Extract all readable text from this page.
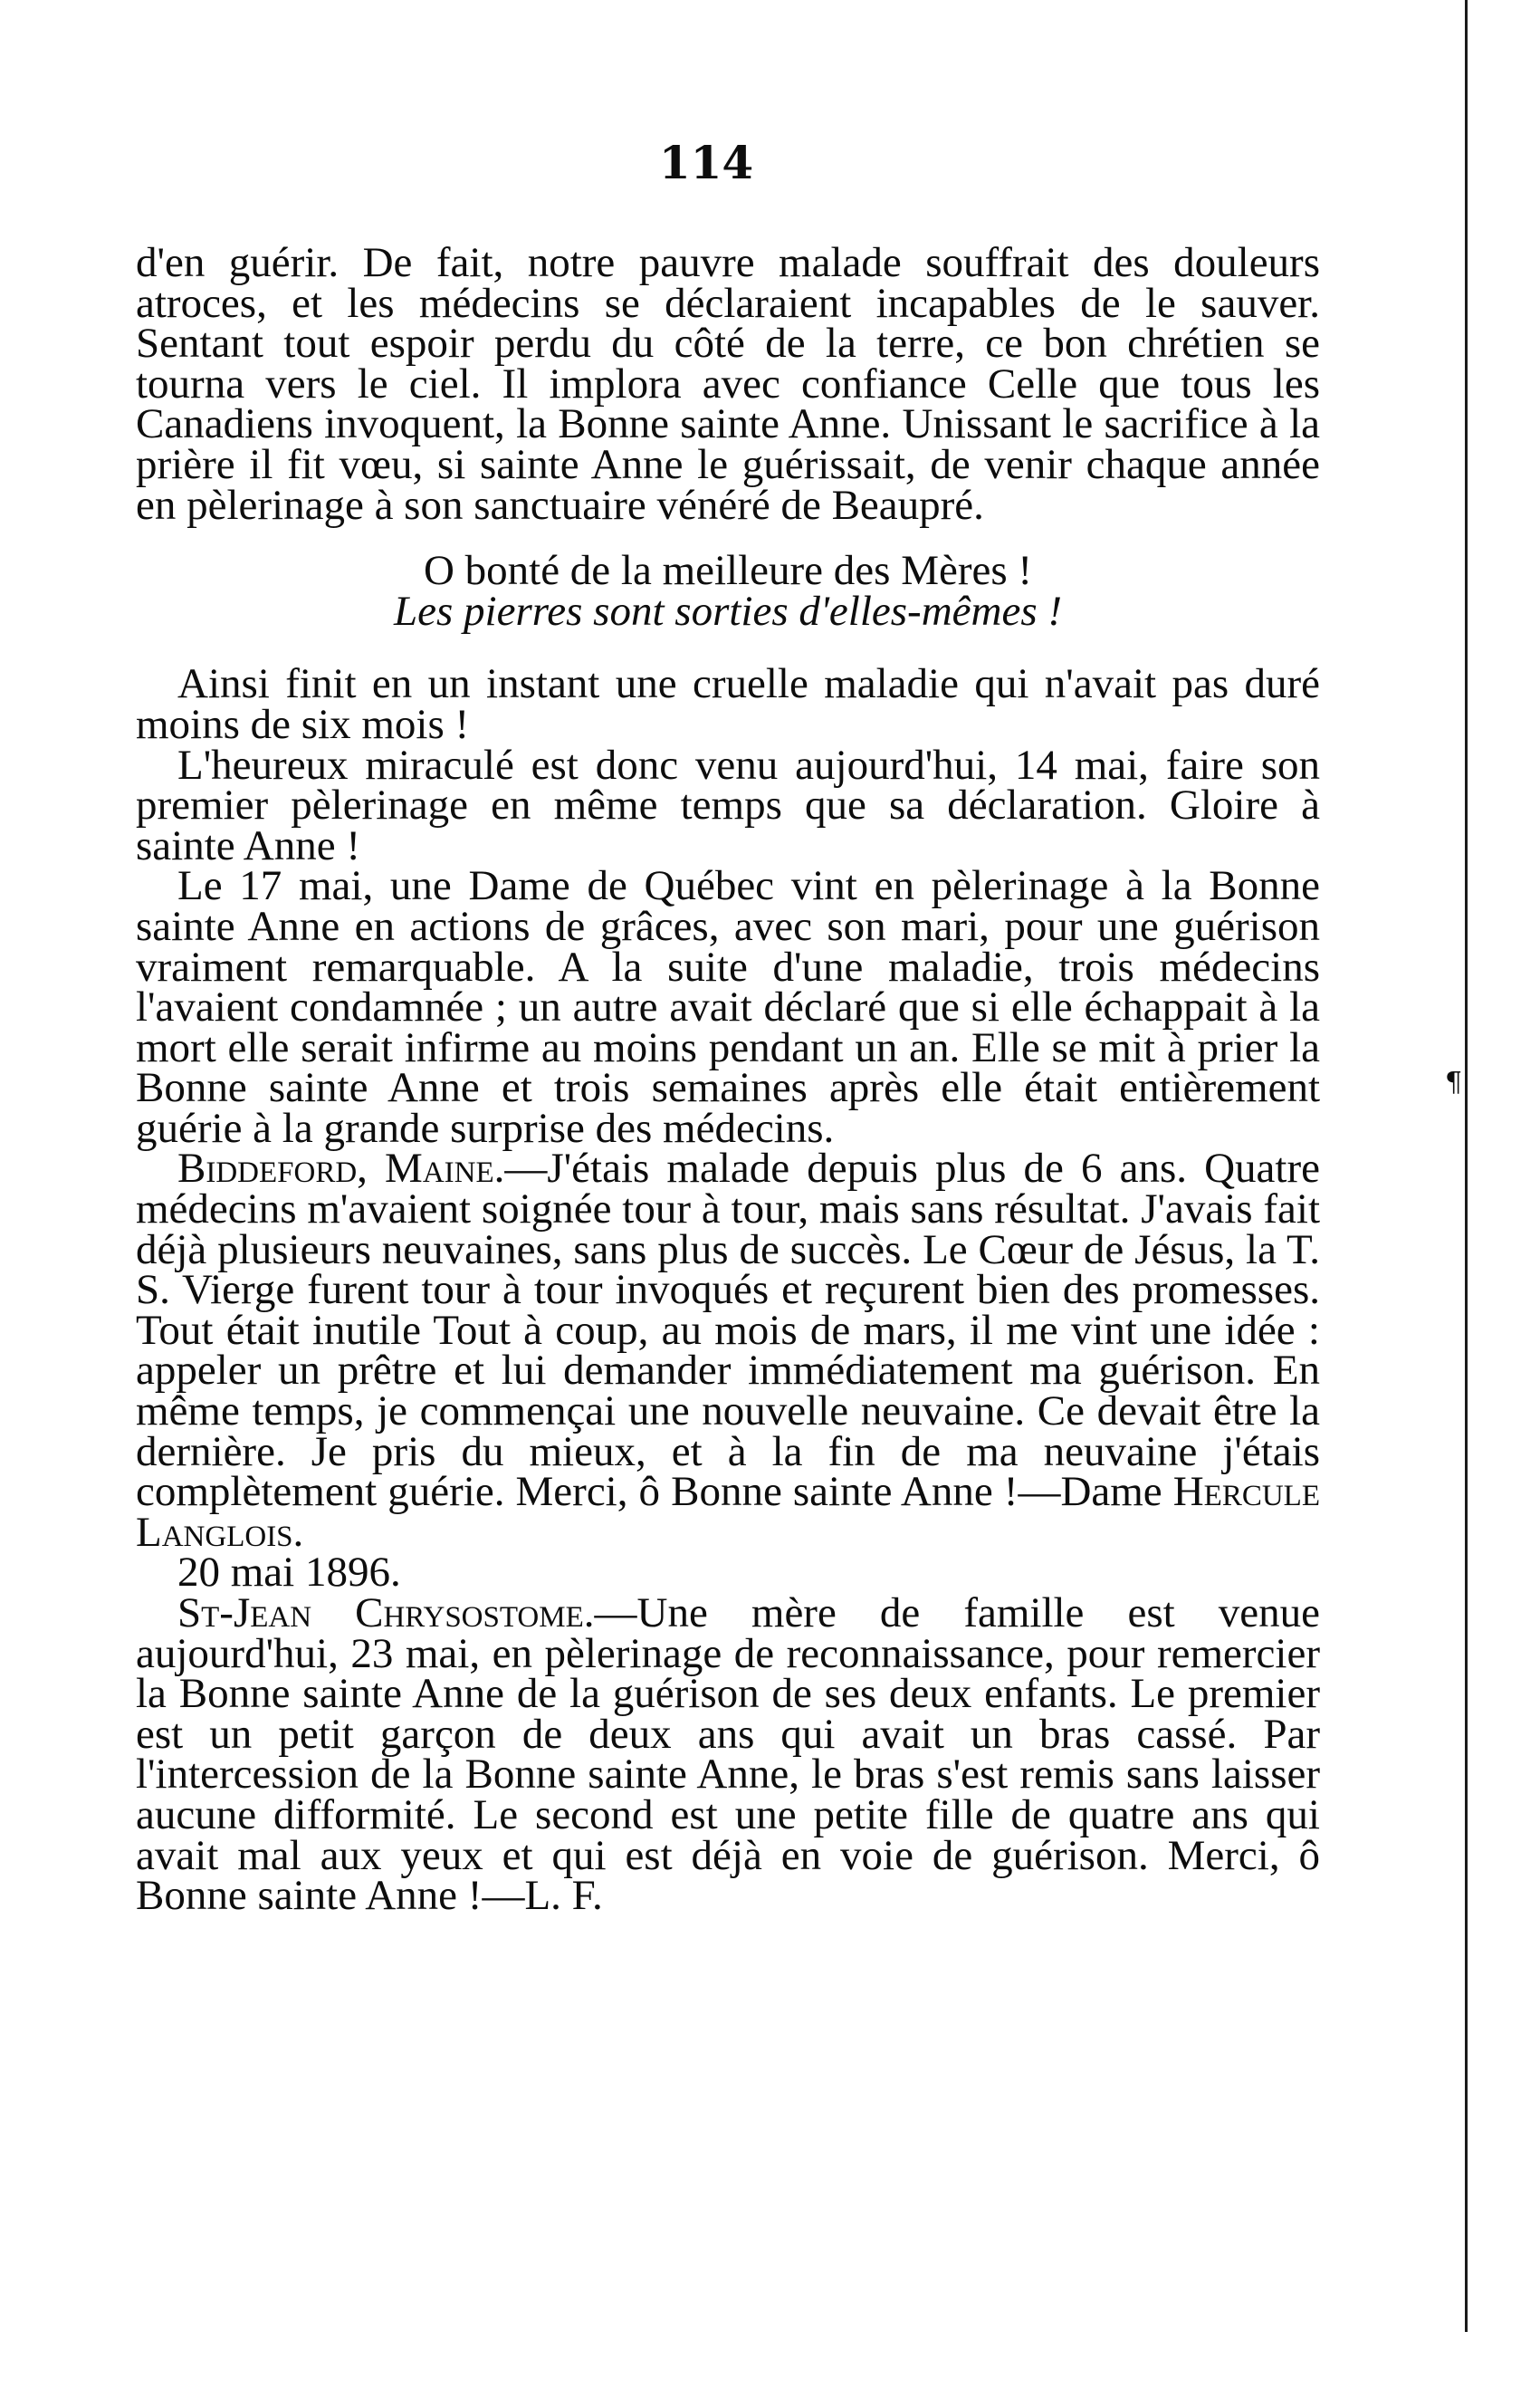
¶
114

d'en guérir. De fait, notre pauvre malade souffrait des douleurs atroces, et les médecins se déclaraient incapables de le sauver. Sentant tout espoir perdu du côté de la terre, ce bon chrétien se tourna vers le ciel. Il implora avec confiance Celle que tous les Canadiens invoquent, la Bonne sainte Anne. Unissant le sacrifice à la prière il fit vœu, si sainte Anne le guérissait, de venir chaque année en pèlerinage à son sanctuaire vénéré de Beaupré.

O bonté de la meilleure des Mères !
Les pierres sont sorties d'elles-mêmes !

Ainsi finit en un instant une cruelle maladie qui n'avait pas duré moins de six mois !

L'heureux miraculé est donc venu aujourd'hui, 14 mai, faire son premier pèlerinage en même temps que sa déclaration. Gloire à sainte Anne !

Le 17 mai, une Dame de Québec vint en pèlerinage à la Bonne sainte Anne en actions de grâces, avec son mari, pour une guérison vraiment remarquable. A la suite d'une maladie, trois médecins l'avaient condamnée ; un autre avait déclaré que si elle échappait à la mort elle serait infirme au moins pendant un an. Elle se mit à prier la Bonne sainte Anne et trois semaines après elle était entièrement guérie à la grande surprise des médecins.

Biddeford, Maine.—J'étais malade depuis plus de 6 ans. Quatre médecins m'avaient soignée tour à tour, mais sans résultat. J'avais fait déjà plusieurs neuvaines, sans plus de succès. Le Cœur de Jésus, la T. S. Vierge furent tour à tour invoqués et reçurent bien des promesses. Tout était inutile Tout à coup, au mois de mars, il me vint une idée : appeler un prêtre et lui demander immédiatement ma guérison. En même temps, je commençai une nouvelle neuvaine. Ce devait être la dernière. Je pris du mieux, et à la fin de ma neuvaine j'étais complètement guérie. Merci, ô Bonne sainte Anne !—Dame Hercule Langlois.

20 mai 1896.

St-Jean Chrysostome.—Une mère de famille est venue aujourd'hui, 23 mai, en pèlerinage de reconnaissance, pour remercier la Bonne sainte Anne de la guérison de ses deux enfants. Le premier est un petit garçon de deux ans qui avait un bras cassé. Par l'intercession de la Bonne sainte Anne, le bras s'est remis sans laisser aucune difformité. Le second est une petite fille de quatre ans qui avait mal aux yeux et qui est déjà en voie de guérison. Merci, ô Bonne sainte Anne !—L. F.
